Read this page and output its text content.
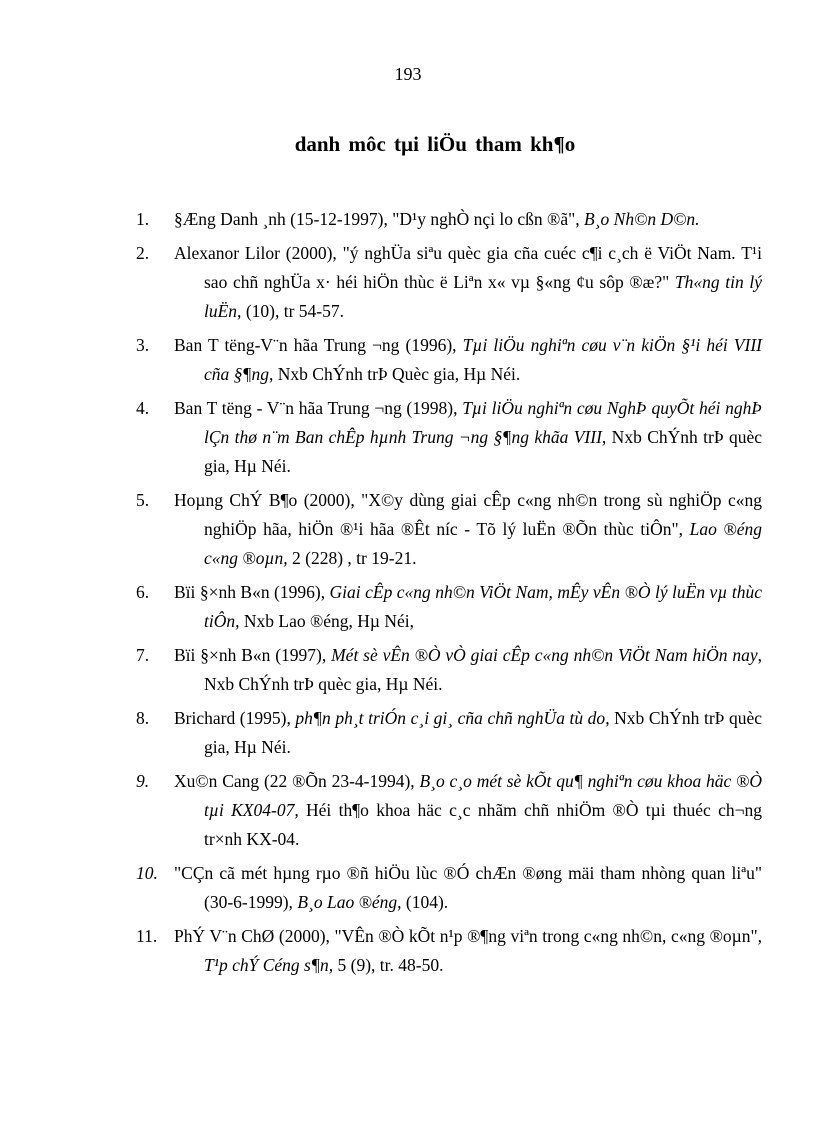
193
danh môc tµi liÖu tham kh¶o
1.	§Æng Danh ¸nh (15-12-1997), "D¹y nghÒ nçi lo cßn ®ã", B¸o Nh©n D©n.
2.	Alexanor Lilor (2000), "ý nghÜa siªu quèc gia cña cuéc c¶i c¸ch ë ViÖt Nam. T¹i sao chñ nghÜa x· héi hiÖn thùc ë Liªn x« vµ §«ng ¢u sôp ®æ?" Th«ng tin lý luËn, (10), tr 54-57.
3.	Ban T tëng-V¨n hãa Trung ¬ng (1996), Tµi liÖu nghiªn cøu v¨n kiÖn §¹i héi VIII cña §¶ng, Nxb ChÝnh trÞ Quèc gia, Hµ Néi.
4.	Ban T tëng - V¨n hãa Trung ¬ng (1998), Tµi liÖu nghiªn cøu NghÞ quyÕt héi nghÞ lÇn thø n¨m Ban chÊp hµnh Trung ¬ng §¶ng khãa VIII, Nxb ChÝnh trÞ quèc gia, Hµ Néi.
5.	Hoµng ChÝ B¶o (2000), "X©y dùng giai cÊp c«ng nh©n trong sù nghiÖp c«ng nghiÖp hãa, hiÖn ®¹i hãa ®Êt níc - Tõ lý luËn ®Õn thùc tiÔn", Lao ®éng c«ng ®oµn, 2 (228) , tr 19-21.
6.	Bïi §×nh B«n (1996), Giai cÊp c«ng nh©n ViÖt Nam, mÊy vÊn ®Ò lý luËn vµ thùc tiÔn, Nxb Lao ®éng, Hµ Néi,
7.	Bïi §×nh B«n (1997), Mét sè vÊn ®Ò vÒ giai cÊp c«ng nh©n ViÖt Nam hiÖn nay, Nxb ChÝnh trÞ quèc gia, Hµ Néi.
8.	Brichard (1995), ph¶n ph¸t triÓn c¸i gi¸ cña chñ nghÜa tù do, Nxb ChÝnh trÞ quèc gia, Hµ Néi.
9.	Xu©n Cang (22 ®Õn 23-4-1994), B¸o c¸o mét sè kÕt qu¶ nghiªn cøu khoa häc ®Ò tµi KX04-07, Héi th¶o khoa häc c¸c nhãm chñ nhiÖm ®Ò tµi thuéc ch¬ng tr×nh KX-04.
10. "CÇn cã mét hµng rµo ®ñ hiÖu lùc ®Ó chÆn ®øng mäi tham nhòng quan liªu" (30-6-1999), B¸o Lao ®éng, (104).
11. PhÝ V¨n ChØ (2000), "VÊn ®Ò kÕt n¹p ®¶ng viªn trong c«ng nh©n, c«ng ®oµn", T¹p chÝ Céng s¶n, 5 (9), tr. 48-50.
